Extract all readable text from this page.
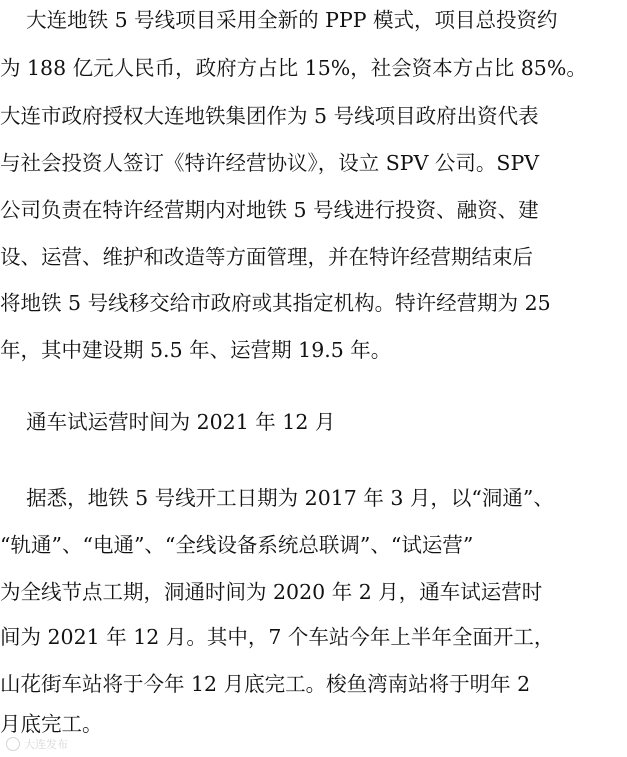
大连地铁 5 号线项目采用全新的 PPP 模式，项目总投资约
为 188 亿元人民币，政府方占比 15%，社会资本方占比 85%。
大连市政府授权大连地铁集团作为 5 号线项目政府出资代表
与社会投资人签订《特许经营协议》，设立 SPV 公司。SPV
公司负责在特许经营期内对地铁 5 号线进行投资、融资、建
设、运营、维护和改造等方面管理，并在特许经营期结束后
将地铁 5 号线移交给市政府或其指定机构。特许经营期为 25
年，其中建设期 5.5 年、运营期 19.5 年。
通车试运营时间为 2021 年 12 月
据悉，地铁 5 号线开工日期为 2017 年 3 月，以“洞通”、
“轨通”、“电通”、“全线设备系统总联调”、“试运营”
为全线节点工期，洞通时间为 2020 年 2 月，通车试运营时
间为 2021 年 12 月。其中，7 个车站今年上半年全面开工，
山花街车站将于今年 12 月底完工。梭鱼湾南站将于明年 2
月底完工。
大连发布
